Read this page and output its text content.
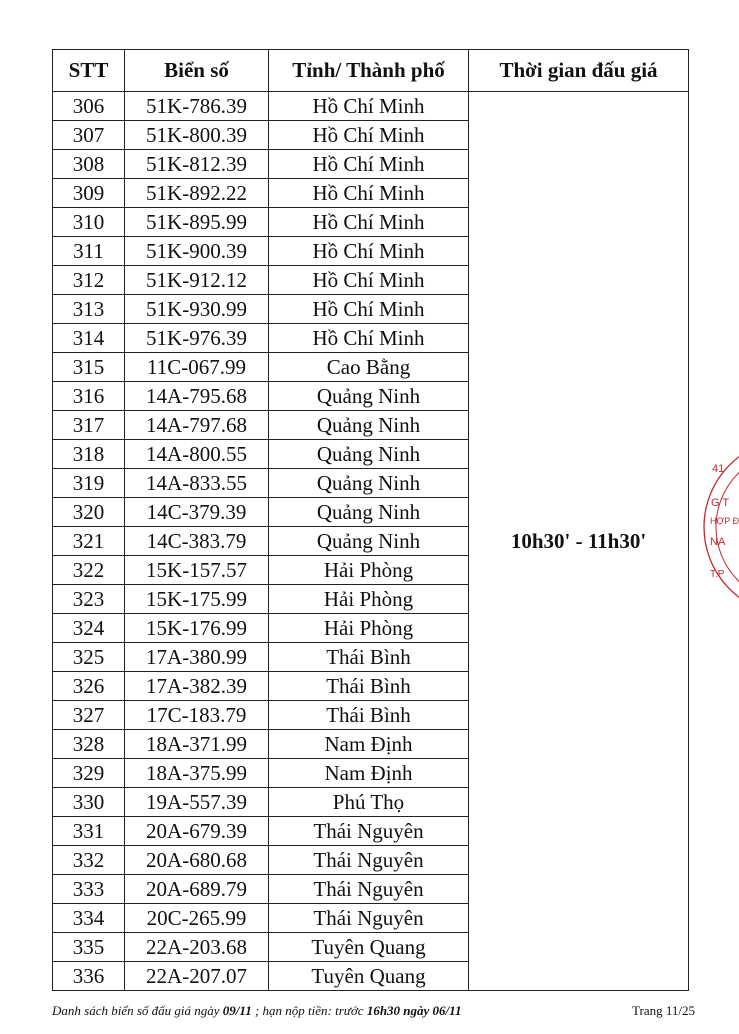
STT	Biển số	Tỉnh/ Thành phố	Thời gian đấu giá
306	51K-786.39	Hồ Chí Minh	10h30' - 11h30'
307	51K-800.39	Hồ Chí Minh	
308	51K-812.39	Hồ Chí Minh	
309	51K-892.22	Hồ Chí Minh	
310	51K-895.99	Hồ Chí Minh	
311	51K-900.39	Hồ Chí Minh	
312	51K-912.12	Hồ Chí Minh	
313	51K-930.99	Hồ Chí Minh	
314	51K-976.39	Hồ Chí Minh	
315	11C-067.99	Cao Bằng	
316	14A-795.68	Quảng Ninh	
317	14A-797.68	Quảng Ninh	
318	14A-800.55	Quảng Ninh	
319	14A-833.55	Quảng Ninh	
320	14C-379.39	Quảng Ninh	
321	14C-383.79	Quảng Ninh	
322	15K-157.57	Hải Phòng	
323	15K-175.99	Hải Phòng	
324	15K-176.99	Hải Phòng	
325	17A-380.99	Thái Bình	
326	17A-382.39	Thái Bình	
327	17C-183.79	Thái Bình	
328	18A-371.99	Nam Định	
329	18A-375.99	Nam Định	
330	19A-557.39	Phú Thọ	
331	20A-679.39	Thái Nguyên	
332	20A-680.68	Thái Nguyên	
333	20A-689.79	Thái Nguyên	
334	20C-265.99	Thái Nguyên	
335	22A-203.68	Tuyên Quang	
336	22A-207.07	Tuyên Quang	
41
G T
HỢP Đ
NA
T.P
Danh sách biển số đấu giá ngày 09/11 ; hạn nộp tiền: trước 16h30 ngày 06/11	Trang 11/25
